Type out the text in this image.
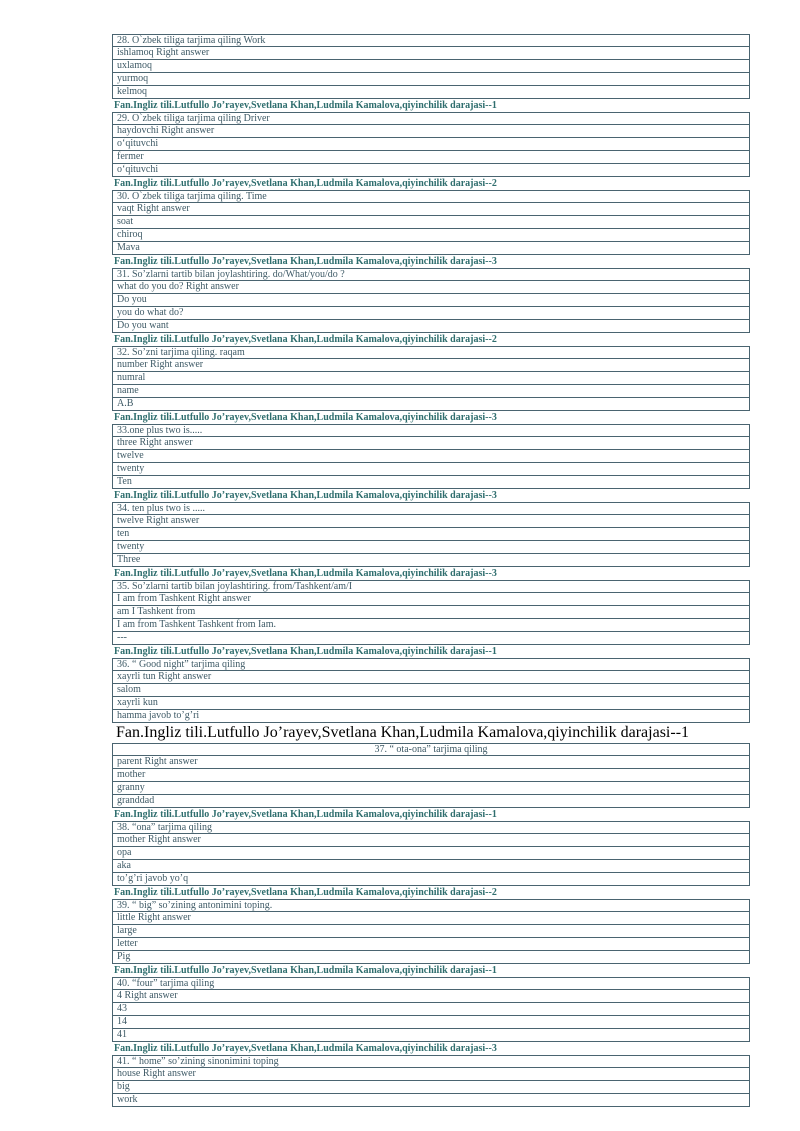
28. O`zbek tiliga tarjima qiling Work
ishlamoq Right answer
uxlamoq
yurmoq
kelmoq
Fan.Ingliz tili.Lutfullo Jo’rayev,Svetlana Khan,Ludmila Kamalova,qiyinchilik darajasi--1
29. O`zbek tiliga tarjima qiling Driver
haydovchi Right answer
o‘qituvchi
fermer
o‘qituvchi
Fan.Ingliz tili.Lutfullo Jo’rayev,Svetlana Khan,Ludmila Kamalova,qiyinchilik darajasi--2
30. O`zbek tiliga tarjima qiling. Time
vaqt Right answer
soat
chiroq
Mava
Fan.Ingliz tili.Lutfullo Jo’rayev,Svetlana Khan,Ludmila Kamalova,qiyinchilik darajasi--3
31. So’zlarni tartib bilan joylashtiring. do/What/you/do ?
what do you do? Right answer
Do you
you do what do?
Do you want
Fan.Ingliz tili.Lutfullo Jo’rayev,Svetlana Khan,Ludmila Kamalova,qiyinchilik darajasi--2
32. So’zni tarjima qiling. raqam
number Right answer
numral
name
A.B
Fan.Ingliz tili.Lutfullo Jo’rayev,Svetlana Khan,Ludmila Kamalova,qiyinchilik darajasi--3
33.one plus two is.....
three Right answer
twelve
twenty
Ten
Fan.Ingliz tili.Lutfullo Jo’rayev,Svetlana Khan,Ludmila Kamalova,qiyinchilik darajasi--3
34. ten plus two is .....
twelve Right answer
ten
twenty
Three
Fan.Ingliz tili.Lutfullo Jo’rayev,Svetlana Khan,Ludmila Kamalova,qiyinchilik darajasi--3
35. So’zlarni tartib bilan joylashtiring. from/Tashkent/am/I
I am from Tashkent Right answer
am I Tashkent from
I am from Tashkent Tashkent from Iam.
---
Fan.Ingliz tili.Lutfullo Jo’rayev,Svetlana Khan,Ludmila Kamalova,qiyinchilik darajasi--1
36. “ Good night” tarjima qiling
xayrli tun Right answer
salom
xayrli kun
hamma javob to’g’ri
Fan.Ingliz tili.Lutfullo Jo’rayev,Svetlana Khan,Ludmila Kamalova,qiyinchilik darajasi--1
37. “ ota-ona” tarjima qiling
parent Right answer
mother
granny
granddad
Fan.Ingliz tili.Lutfullo Jo’rayev,Svetlana Khan,Ludmila Kamalova,qiyinchilik darajasi--1
38. “ona” tarjima qiling
mother Right answer
opa
aka
to’g’ri javob yo’q
Fan.Ingliz tili.Lutfullo Jo’rayev,Svetlana Khan,Ludmila Kamalova,qiyinchilik darajasi--2
39. “ big” so’zining antonimini toping.
little Right answer
large
letter
Pig
Fan.Ingliz tili.Lutfullo Jo’rayev,Svetlana Khan,Ludmila Kamalova,qiyinchilik darajasi--1
40. “four” tarjima qiling
4 Right answer
43
14
41
Fan.Ingliz tili.Lutfullo Jo’rayev,Svetlana Khan,Ludmila Kamalova,qiyinchilik darajasi--3
41. “ home” so’zining sinonimini toping
house Right answer
big
work
